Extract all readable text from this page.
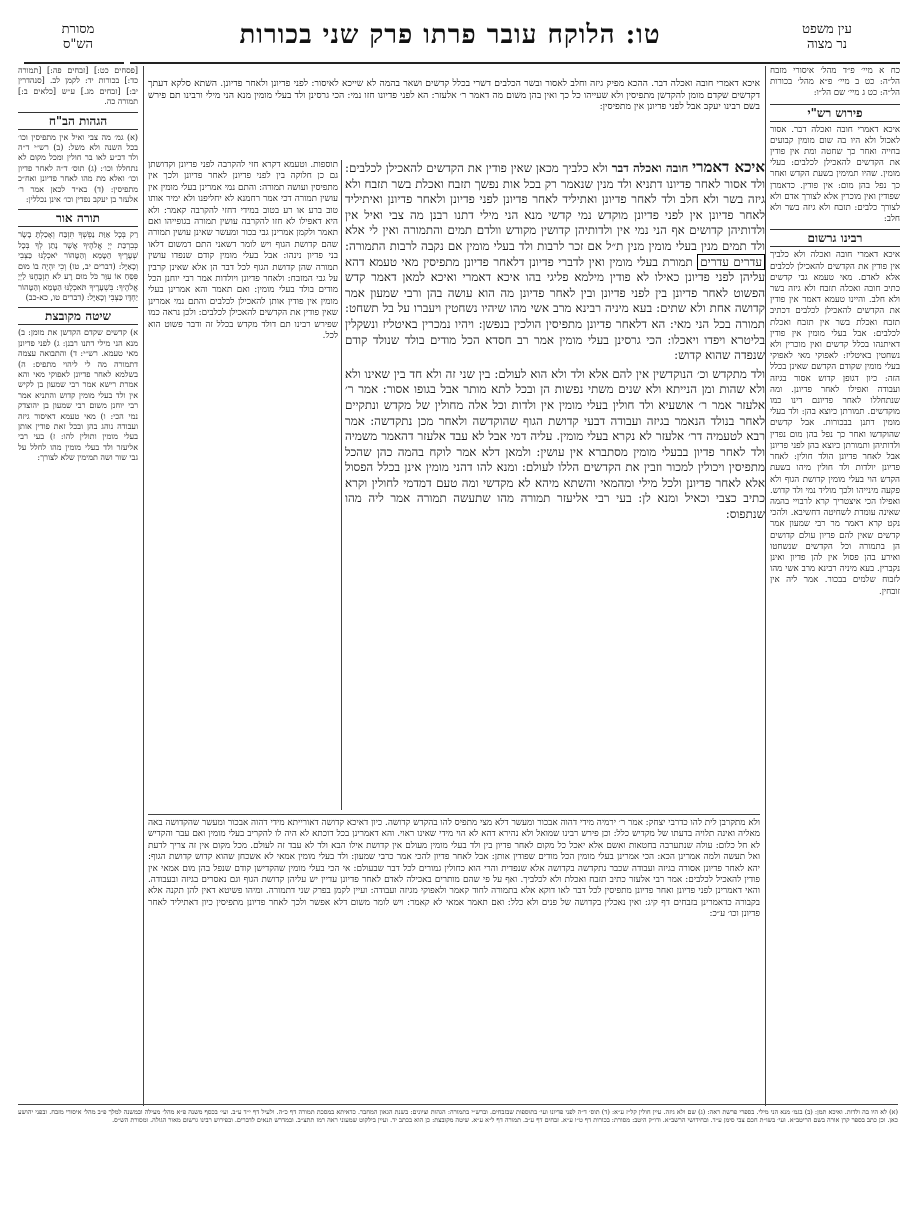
עין משפט
נר מצוה
טו: הלוקח עובר פרתו פרק שני בכורות
מסורת
הש"ס
כח א מיי׳ פ״ד מהל׳ איסורי מזבח הל״ה: כט ב מיי׳ פ״א מהל׳ בכורות הל״ה: כט ג מיי׳ שם הל״ו:
פירוש רש"י
איכא דאמרי חובה ואכלה דבר. אסור לאכול ולא היו בה שום מומין קבועים בחייה ואחר כך שחטה ומת אין פודין את הקדשים להאכילן לכלבים: בעלי מומין. שהיו תמימין בשעת הקדש ואחר כך נפל בהן מום: אין פודין. כדאמרן שפודין ואין מוכרין אלא לצורך אדם ולא לצורך כלבים: תזבח ולא גיזה בשר ולא חלב:
רבינו גרשום
איכא דאמרי חובה ואכלה ולא כלביך אין פודין את הקדשים להאכילן לכלבים אלא לאדם. מאי טעמא גבי קדשים כתיב חובה ואכלה תזבח ולא גיזה בשר ולא חלב. והיינו טעמא דאמר אין פודין את הקדשים להאכילן לכלבים דכתיב תזבח ואכלת בשר אין תזבח ואכלת לכלבים: אבל בעלי מומין אין פודין דאיתנהו בכלל קדשים ואין מוכרין ולא נשחטין באיטליז: לאפוקי מאי לאפוקי בעלי מומין שקודם הקדשם שאינן בכלל הזה: כיון דגופן קדוש אסור בגיזה ועבודה ואפילו לאחר פדיונן. ומה שנתחללו לאחר פדיונם דינו כמו מוקדשים. תמורתן כיוצא בהן: ולד בעלי מומין דתנן בבכורות. אבל קדשים שהוקדשו ואחר כך נפל בהן מום נפדין ולדותיהן ותמורתן כיוצא בהן לפני פדיונן אבל לאחר פדיונן הולד חולין: לאחר פדיונן יולדות ולד חולין מיהו בשעת הקדש הוי בעלי מומין קדושת הגוף ולא פקעה מינייהו ולכך מוליד נמי ולד קדוש. ואפילו הכי איצטריך קרא לרבויי בהמה שאינה עומדת לשחיטה דחשיבא. ולהכי נקט קרא דאמר מר רבי שמעון אמר קדשים שאין להם פדיון עולם קדושים הן בתמורה וכל הקדשים שנשחטו ואירע בהן פסול אין להן פדיון ואינן נקברין. בעא מיניה רבינא מרב אשי מהו לזבוח שלמים בבכור. אמר ליה אין זובחין.
[פסחים כט:] [זבחים פה:] [תמורה כד:] בכורות יד: לקמן לב. [סנהדרין יב:] [זבחים מג.] ע״ש [כלאים ב:] תמורה כה.
הגהות הב"ח
(א) גמ׳ מה צבי ואיל אין מתפיסין וכו׳ בכל השנה ולא משל: (ב) רש״י ד״ה ולד דכ״ע לאו בר חולין ומכל מקום לא נתחללו וכו׳: (ג) תוס׳ ד״ה לאחר פדיון וכו׳ ואלא מת מהו לאחר פדיונן ואח״כ מתפיסין: (ד) בא״ד לכאן אמר ר׳ אלעזר בן יעקב נפדין וכו׳ אינן נכללין:
תורה אור
רַק בְּכָל אַוַּת נַפְשְׁךָ תִּזְבַּח וְאָכַלְתָּ בָשָׂר כְּבִרְכַּת יְיָ אֱלֹהֶיךָ אֲשֶׁר נָתַן לְךָ בְּכָל שְׁעָרֶיךָ הַטָּמֵא וְהַטָּהוֹר יֹאכְלֶנּוּ כַּצְּבִי וְכָאַיָּל: (דברים יב, טו) וְכִי יִהְיֶה בוֹ מוּם פִּסֵּחַ אוֹ עִוֵּר כֹּל מוּם רָע לֹא תִזְבָּחֶנּוּ לַיְיָ אֱלֹהֶיךָ: בִּשְׁעָרֶיךָ תֹּאכְלֶנּוּ הַטָּמֵא וְהַטָּהוֹר יַחְדָּו כַּצְּבִי וְכָאַיָּל: (דברים טו, כא-כב)
שיטה מקובצת
א) קדשים שקדם הקדשן את מומן: ב) מנא הני מילי דתנו רבנן: ג) לפני פדיונן מאי טעמא. רש״י: ד) והתבואה עצמה דתמורה מה לי ליהוי מתפיס: ה) בשלמא לאחר פדיונן לאפוקי מאי והא אמרת רישא אמר רבי שמעון בן לקיש אין ולד בעלי מומין קדוש והתניא אמר רבי יוחנן משום רבי שמעון בן יהוצדק נמי הכי: ו) מאי טעמא דאיסור גיזה ועבודה נוהג בהן ובכל זאת פודין אותן בעלי מומין ותולין להו: ז) בעי רבי אליעזר ולד בעלי מומין מהו לחלל על גבי שור ושה תמימין שלא לצורך:
איכא דאמרי חובה ואכלה דבר. ההכא מפיק גיזה וחלב לאסור ובשר הכלבים דשרי בכלל קדשים ושאר בהמה לא שייכא לאיסור: לפני פדיונן ולאחר פדיונן. השתא סלקא דעתך דקדשים שקדם מומן להקדשן מתפיסין ולא שעייהו כל כך ואין בהן משום מה דאמר ר׳ אלעזר: הא לפני פדיונו חזו נמי: הכי גרסינן ולד בעלי מומין מנא הני מילי ורבינו תם פירש בשם רבינו יעקב אבל לפני פדיונן אין מתפיסין:
איכא דאמרי חובה ואכלה דבר ולא כלביך מכאן שאין פודין את הקדשים להאכילן לכלבים: ולד אסור לאחר פדיונו דתניא ולד מנין שנאמר רק בכל אות נפשך תזבח ואכלת בשר תזבח ולא גיזה בשר ולא חלב ולד לאחר פדיונן ואתיליד לאחר פדיונן לפני פדיונן ולאחר פדיונן ואיתיליד לאחר פדיונן אין לפני פדיונן מוקדש נמי קדשי מנא הני מילי דתנו רבנן מה צבי ואיל אין ולדותיהן קדושים אף הני נמי אין ולדותיהן קדושין מקודש וולדם תמים והתמורה ואין לי אלא ולד תמים מנין בעלי מומין מנין ת״ל אם זכר לרבות ולד בעלי מומין אם נקבה לרבות התמורה: עדרים עדרים תמורת בעלי מומין ואין לדברי פדיונן דלאחר פדיונן מתפיסין מאי טעמא דהא עליהן לפני פדיונן כאילו לא פודין מילמא פליגי בהו איכא דאמרי ואיכא למאן דאמר קדש הפשוט לאחר פדיונן בין לפני פדיונן ובין לאחר פדיונן מה הוא עושה בהן ורבי שמעון אמר קדושה אחת ולא שתים: בעא מיניה רבינא מרב אשי מהו שיהיו נשחטין ויעברו על בל תשחט: תמורה בכל הני מאי: הא דלאחר פדיונן מתפיסין הולכין בנפשן: ויהיו נמכרין באיטליז ונשקלין בליטרא ויפדו ויאכלו: הכי גרסינן בעלי מומין אמר רב חסדא הכל מודים בולד שנולד קודם שנפדה שהוא קדוש:
ולד מתקדש וכ׳ הנוקדשין אין להם אלא ולד ולא הוא לעולם: בין שני זה ולא חד בין שאינו ולא ולא שהות ומן הנייתא ולא שנים משתי נפשות הן ובכל לתא מותר אבל בגופו אסור: אמר ר׳ אלעזר אמר ר׳ אושעיא ולד חולין בעלי מומין אין ולדות וכל אלה מחולין של מקדש ונתקיים לאחר בנולד הנאמר בגיזה ועבודה דבעי קדושת הגוף שהוקדשה ולאחר מכן נתקדשה: אמר רבא לטעמיה דר׳ אלעזר לא נקרא בעלי מומין. עליה דמי אבל לא עבד אלעזר דהאמר משמיה ולד לאחר פדיון בבעלי מומין מסתברא אין עושין: ולמאן דלא אמר לוקח בהמה כהן שהכל מתפיסין ויכולין למכור וזבין את הקדשים הללו לעולם: ומנא להו דהני מומין אינן בכלל הפסול אלא לאחר פדיונן ולכל מילי ומהמאי והשתא מיהא לא מקדשי ומה טעם דמדמי לחולין וקרא כתיב כצבי וכאיל ומנא לן: בעי רבי אליעזר תמורה מהו שתעשה תמורה אמר ליה מהו שנתפוס:
תוספות. וטעמא דקרא חזי להקרבה לפני פדיונן וקדושתן גם כן חלוקה בין לפני פדיונן לאחר פדיונן ולכך אין מתפיסין ועושה תמורה: והתם נמי אמרינן בעלי מומין אין עושין תמורה דכי אמר רחמנא לא יחליפנו ולא ימיר אותו טוב ברע או רע בטוב במידי דחזי להקרבה קאמר: ולא היא דאפילו לא חזו להקרבה עושין תמורה בגופייהו ואם תאמר ולקמן אמרינן גבי בכור ומעשר שאינן עושין תמורה שהם קדושת הגוף ויש לומר דשאני התם דמשום דלאו בני פדיון נינהו: אבל בעלי מומין קודם שנפדו עושין תמורה שהן קדושת הגוף לכל דבר הן אלא שאינן קרבין על גבי המזבח: ולאחר פדיונן ויולדות אמר רבי יוחנן הכל מודים בולד בעלי מומין: ואם תאמר והא אמרינן בעלי מומין אין פודין אותן להאכילן לכלבים והתם נמי אמרינן שאין פודין את הקדשים להאכילן לכלבים: ולכן נראה כמו שפירש רבינו תם דולד מקדש בכלל זה ודבר פשוט הוא לכל.
ולא מתקרבן לית להו כדרבי יצחק: אמר ר׳ ירמיה מידי דהוה אבכור ומעשר דלא מצי מתפיס להו בהקדש קדושה. כיון דאיכא קדושה דאורייתא מידי דהוה אבכור ומעשר שהקדושה באה מאליה ואינה תלויה בדעתו של מקדיש כלל: וכן פירש רבינו שמואל ולא נהירא דהא לא הוי מידי שאינו ראוי. והא דאמרינן בכל דוכתא לא היה לו להקריב בעלי מומין ואם עבר והקדיש לא חל כלום: עולה שנתערבה בחטאות ואשם אלא יאכל כל מקום לאחר פדיון בין ולד בעלי מומין מעולם אין קדושת אילו הבא ולד לא עבד זה לעולם. מכל מקום אין זה צריך לדעת ואל תעשה ולמה אמרינן הכא: הכי אמרינן בעלי מומין הכל מודים שפודין אותן: אבל לאחר פדיון להכי אמר כרבי שמעון: ולד בעלי מומין אמאי לא אשכחן שהוא קדוש קדושת הגוף: יהא לאחר פדיונן אסורה בגיזה ועבודה שכבר נתקדשה בקדושה אלא שנפדית והרי הוא כחולין גמורים לכל דבר שבעולם: אי הכי בעלי מומין שהקדישן קודם שנפל בהן מום אמאי אין פודין להאכיל לכלבים: אמר רבי אלעזר כתיב תזבח ואכלת ולא לכלביך. ואף על פי שהם מותרים באכילה לאדם לאחר פדיונן עדיין יש עליהן קדושת הגוף וגם נאסרים בגיזה ובעבודה. והאי דאמרינן לפני פדיונן ואחר פדיונן מתפיסין לכל דבר לאו דוקא אלא בתמורה לחוד קאמר ולאפוקי מגיזה ועבודה: ועיין לקמן בפרק שני דתמורה. ומיהו פשיטא דאין להן תקנה אלא בקבורה כדאמרינן בזבחים דף קיג: ואין נאכלין בקדושה של פנים ולא כלל: ואם תאמר אמאי לא קאמר: ויש לומר משום דלא אפשר ולכך לאחר פדיונן מתפיסין כיון דאתיליד לאחר פדיונן וכו׳ ע״כ:
(א) לא היו בה ולדות. ואיכא תמן: (ב) בגמ׳ מנא הני מילי. בספרי פרשת ראה: (ג) שם ולא גיזה. עיין חולין קל״ז ע״א: (ד) תוס׳ ד״ה לפני פדיונו ועי׳ בתוספות שבזבחים. וברש״י בתמורה: הגהות וציונים: בשנת הגאון המחבר. כדאיתא במסכת תמורה דף כ״ה. ולעיל דף י״ד ע״ב. ועי׳ בכסף משנה פ״א מהל׳ מעילה ובמשנה למלך פ״ב מהל׳ איסורי מזבח. ובפני יהושע כאן. וכן כתב בספר קרן אורה בשם הריטב״א. ועי׳ בשו״ת חכם צבי סימן ע״ד. ובחידושי הרשב״א. ודו״ק היטב: מסורת: בכורות דף ט״ו ע״א. זבחים דף ע״ב. תמורה דף ל״א ע״א. שיטה מקובצת: כן הוא בכתב יד. ועיין בילקוט שמעוני ראה רמז תתצ״ב. ובמדרש תנאים לדברים. ובפירוש רבינו גרשום מאור הגולה. ומסורת הש״ס.
